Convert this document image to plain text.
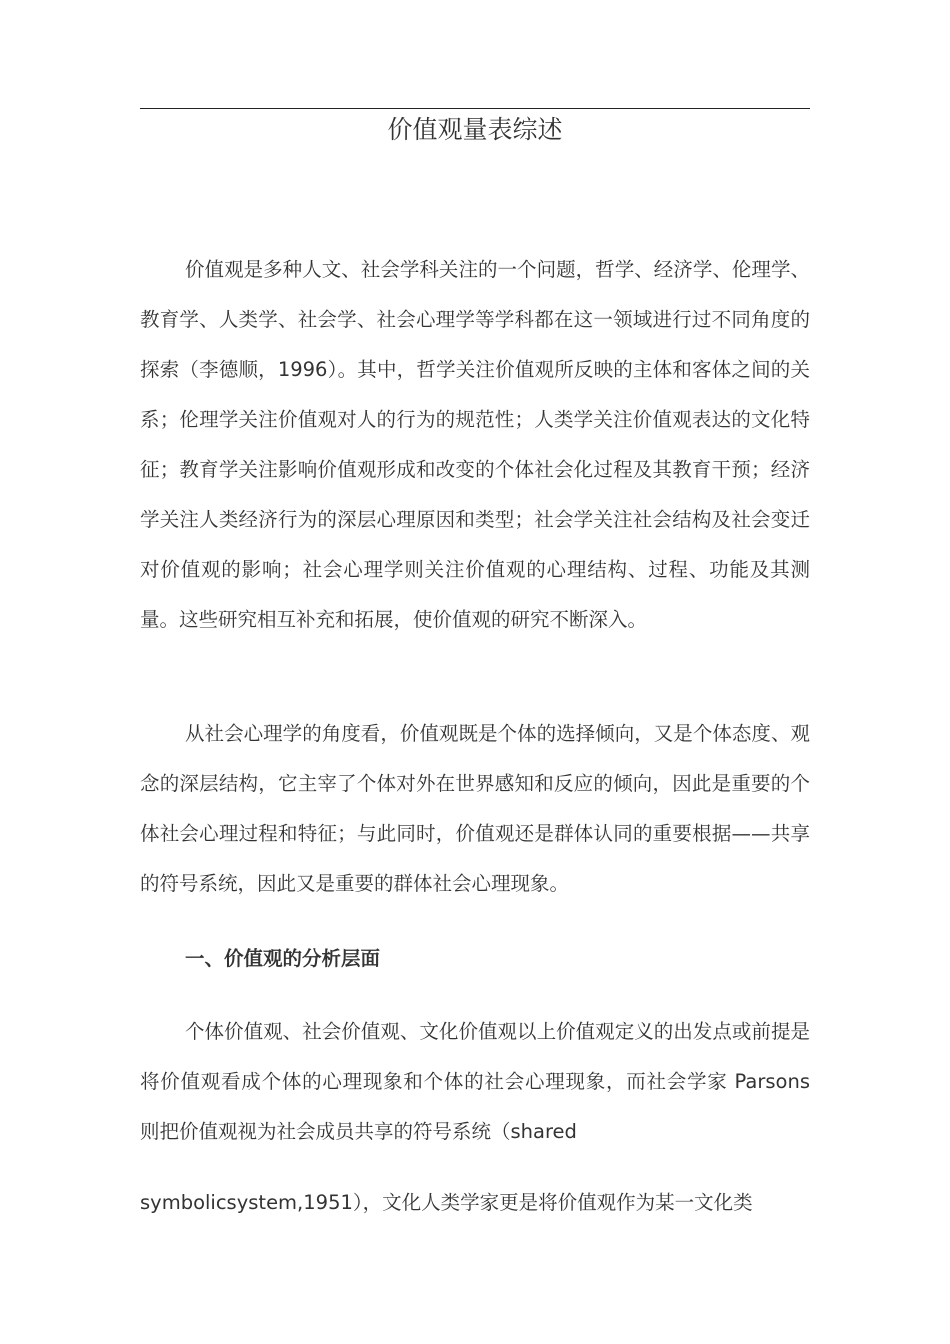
价值观量表综述

价值观是多种人文、社会学科关注的一个问题，哲学、经济学、伦理学、教育学、人类学、社会学、社会心理学等学科都在这一领域进行过不同角度的探索（李德顺，1996）。其中，哲学关注价值观所反映的主体和客体之间的关系；伦理学关注价值观对人的行为的规范性；人类学关注价值观表达的文化特征；教育学关注影响价值观形成和改变的个体社会化过程及其教育干预；经济学关注人类经济行为的深层心理原因和类型；社会学关注社会结构及社会变迁对价值观的影响；社会心理学则关注价值观的心理结构、过程、功能及其测量。这些研究相互补充和拓展，使价值观的研究不断深入。

从社会心理学的角度看，价值观既是个体的选择倾向，又是个体态度、观念的深层结构，它主宰了个体对外在世界感知和反应的倾向，因此是重要的个体社会心理过程和特征；与此同时，价值观还是群体认同的重要根据——共享的符号系统，因此又是重要的群体社会心理现象。

一、价值观的分析层面

个体价值观、社会价值观、文化价值观以上价值观定义的出发点或前提是将价值观看成个体的心理现象和个体的社会心理现象，而社会学家 Parsons 则把价值观视为社会成员共享的符号系统（shared

symbolicsystem,1951），文化人类学家更是将价值观作为某一文化类
